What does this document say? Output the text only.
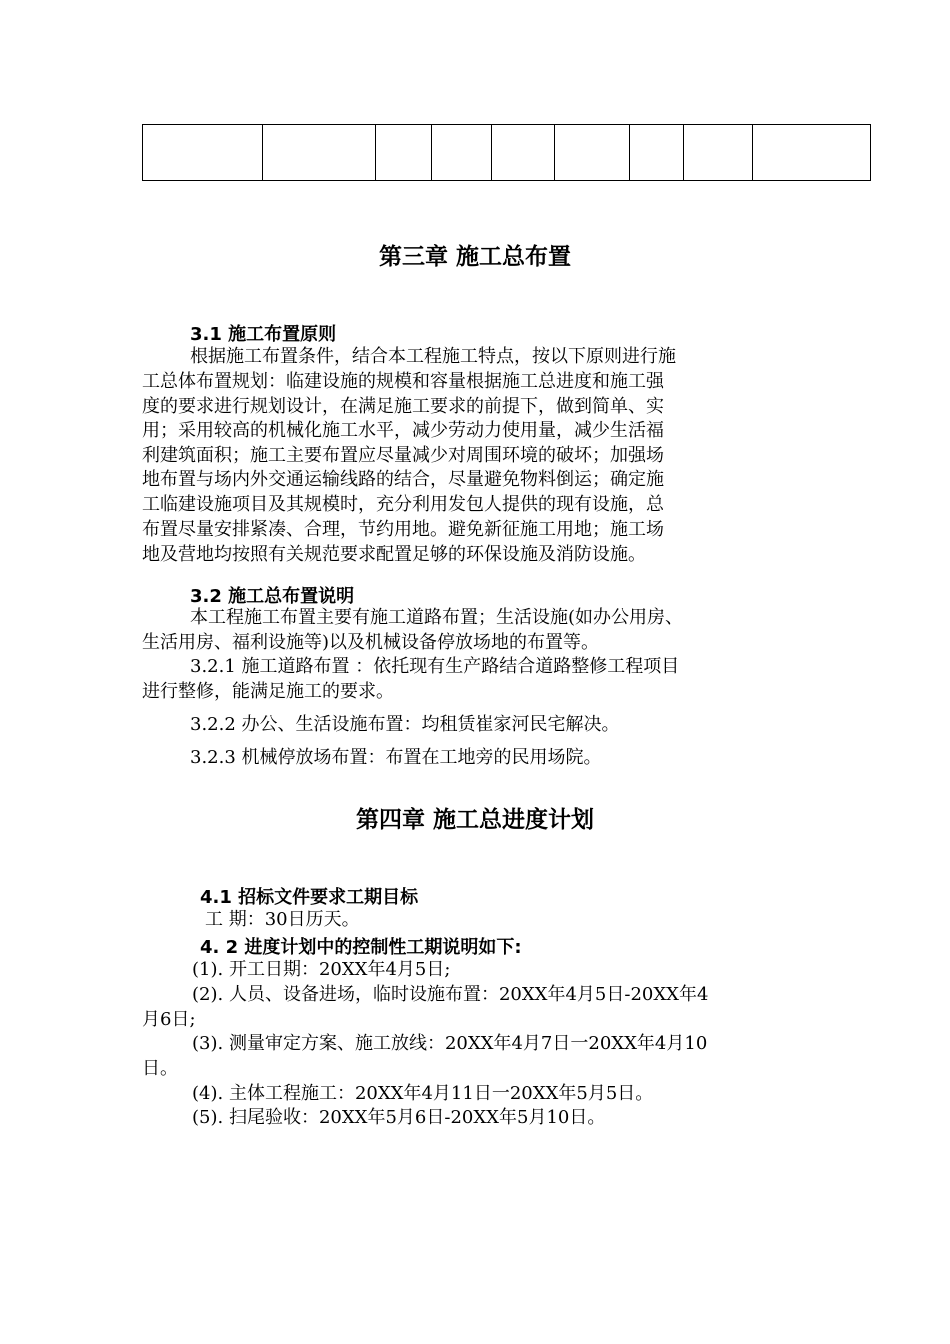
第三章 施工总布置
3.1 施工布置原则
根据施工布置条件，结合本工程施工特点，按以下原则进行施
工总体布置规划：临建设施的规模和容量根据施工总进度和施工强
度的要求进行规划设计，在满足施工要求的前提下，做到简单、实
用；采用较高的机械化施工水平，减少劳动力使用量，减少生活福
利建筑面积；施工主要布置应尽量减少对周围环境的破坏；加强场
地布置与场内外交通运输线路的结合，尽量避免物料倒运；确定施
工临建设施项目及其规模时，充分利用发包人提供的现有设施，总
布置尽量安排紧凑、合理，节约用地。避免新征施工用地；施工场
地及营地均按照有关规范要求配置足够的环保设施及消防设施。
3.2 施工总布置说明
本工程施工布置主要有施工道路布置；生活设施(如办公用房、
生活用房、福利设施等)以及机械设备停放场地的布置等。
3.2.1 施工道路布置 ：依托现有生产路结合道路整修工程项目
进行整修，能满足施工的要求。
3.2.2 办公、生活设施布置：均租赁崔家河民宅解决。
3.2.3 机械停放场布置：布置在工地旁的民用场院。
第四章 施工总进度计划
4.1 招标文件要求工期目标
工 期：30日历天。
4. 2 进度计划中的控制性工期说明如下:
(1). 开工日期：20XX年4月5日;
(2). 人员、设备进场，临时设施布置：20XX年4月5日-20XX年4
月6日;
(3). 测量审定方案、施工放线：20XX年4月7日一20XX年4月10
日。
(4). 主体工程施工：20XX年4月11日一20XX年5月5日。
(5). 扫尾验收：20XX年5月6日-20XX年5月10日。
